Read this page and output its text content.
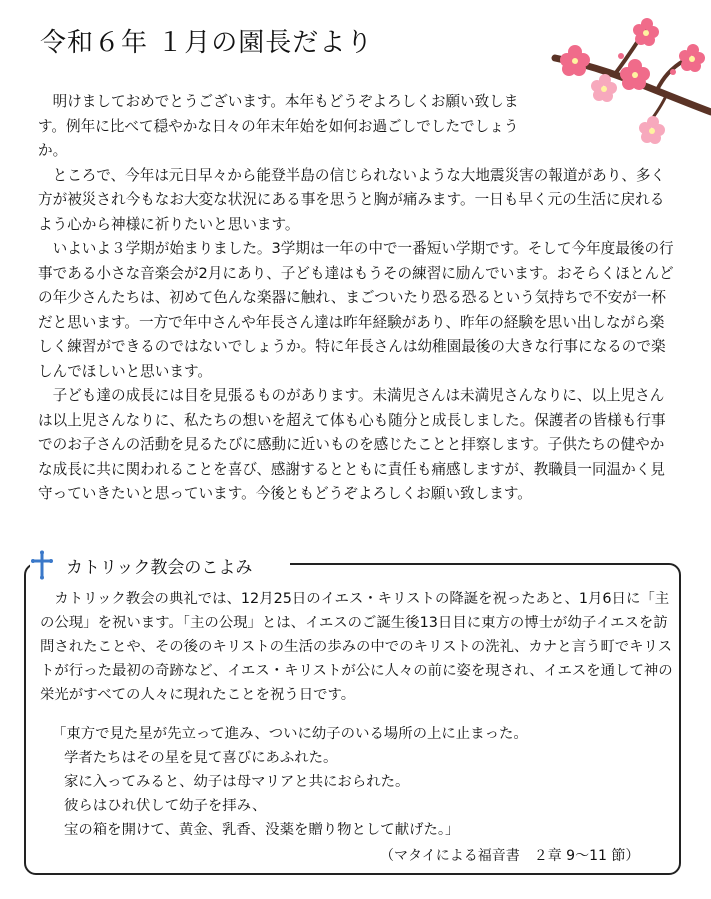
令和６年 １月の園長だより

明けましておめでとうございます。本年もどうぞよろしくお願い致します。例年に比べて穏やかな日々の年末年始を如何お過ごしでしたでしょうか。

ところで、今年は元日早々から能登半島の信じられないような大地震災害の報道があり、多く方が被災され今もなお大変な状況にある事を思うと胸が痛みます。一日も早く元の生活に戻れるよう心から神様に祈りたいと思います。

いよいよ３学期が始まりました。3学期は一年の中で一番短い学期です。そして今年度最後の行事である小さな音楽会が2月にあり、子ども達はもうその練習に励んでいます。おそらくほとんどの年少さんたちは、初めて色んな楽器に触れ、まごついたり恐る恐るという気持ちで不安が一杯だと思います。一方で年中さんや年長さん達は昨年経験があり、昨年の経験を思い出しながら楽しく練習ができるのではないでしょうか。特に年長さんは幼稚園最後の大きな行事になるので楽しんでほしいと思います。

子ども達の成長には目を見張るものがあります。未満児さんは未満児さんなりに、以上児さんは以上児さんなりに、私たちの想いを超えて体も心も随分と成長しました。保護者の皆様も行事でのお子さんの活動を見るたびに感動に近いものを感じたことと拝察します。子供たちの健やかな成長に共に関われることを喜び、感謝するとともに責任も痛感しますが、教職員一同温かく見守っていきたいと思っています。今後ともどうぞよろしくお願い致します。

カトリック教会のこよみ

カトリック教会の典礼では、12月25日のイエス・キリストの降誕を祝ったあと、1月6日に「主の公現」を祝います。「主の公現」とは、イエスのご誕生後13日目に東方の博士が幼子イエスを訪問されたことや、その後のキリストの生活の歩みの中でのキリストの洗礼、カナと言う町でキリストが行った最初の奇跡など、イエス・キリストが公に人々の前に姿を現され、イエスを通して神の栄光がすべての人々に現れたことを祝う日です。

「東方で見た星が先立って進み、ついに幼子のいる場所の上に止まった。
学者たちはその星を見て喜びにあふれた。
家に入ってみると、幼子は母マリアと共におられた。
彼らはひれ伏して幼子を拝み、
宝の箱を開けて、黄金、乳香、没薬を贈り物として献げた。」
（マタイによる福音書　２章 9～11 節）
